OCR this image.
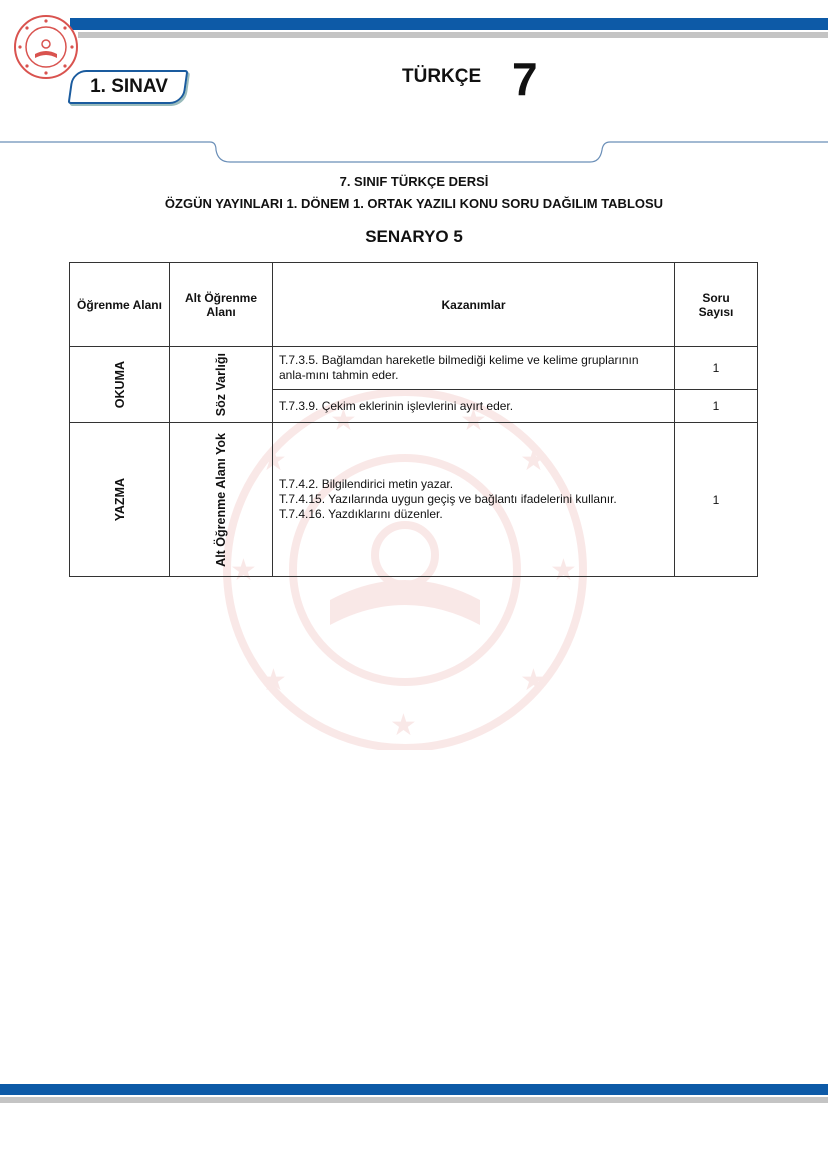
1. SINAV	TÜRKÇE 7
7. SINIF TÜRKÇE DERSİ
ÖZGÜN YAYINLARI 1. DÖNEM 1. ORTAK YAZILI KONU SORU DAĞILIM TABLOSU
SENARYO 5
★	★
★	★
★	★
★
★	★
Öğrenme Alanı	Alt Öğrenme Alanı	Kazanımlar	Soru Sayısı

OKUMA	Söz Varlığı	T.7.3.5. Bağlamdan hareketle bilmediği kelime ve kelime gruplarının anla-mını tahmin eder.	1
		T.7.3.9. Çekim eklerinin işlevlerini ayırt eder.	1

YAZMA	Alt Öğrenme Alanı Yok	T.7.4.2. Bilgilendirici metin yazar.
T.7.4.15. Yazılarında uygun geçiş ve bağlantı ifadelerini kullanır.
T.7.4.16. Yazdıklarını düzenler.	1
